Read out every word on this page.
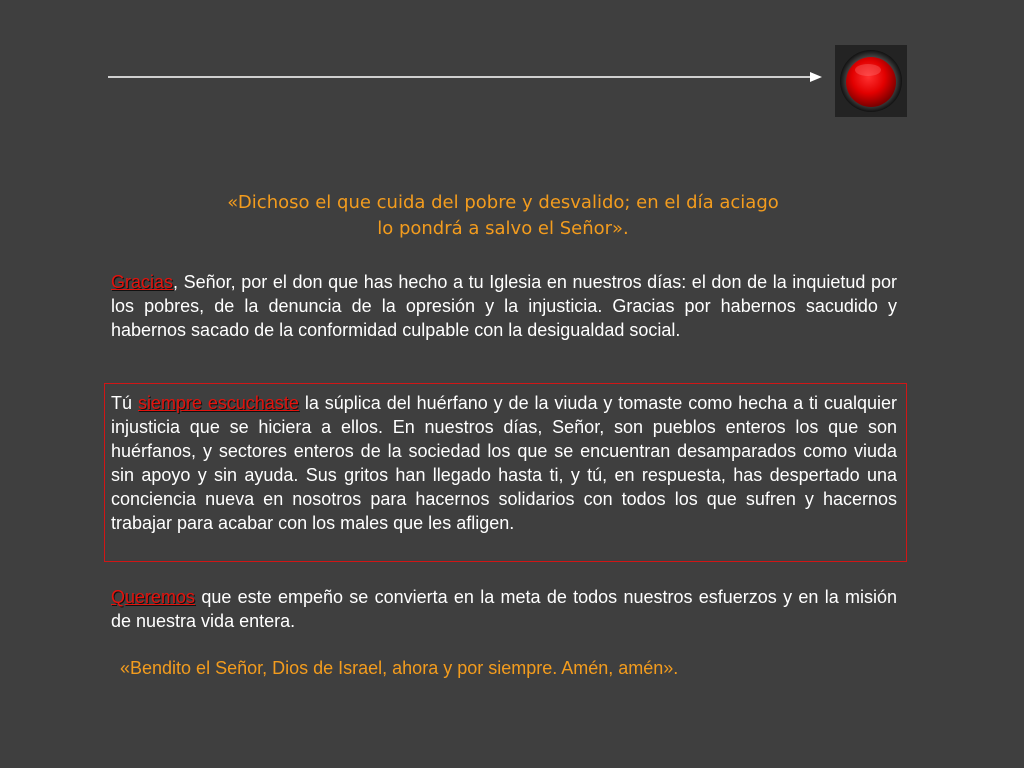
«Dichoso el que cuida del pobre y desvalido; en el día aciago
lo pondrá a salvo el Señor».
Gracias, Señor, por el don que has hecho a tu Iglesia en nuestros días: el don de la inquietud por los pobres, de la denuncia de la opresión y la injusticia. Gracias por habernos sacudido y habernos sacado de la conformidad culpable con la desigualdad social.
Tú siempre escuchaste la súplica del huérfano y de la viuda y tomaste como hecha a ti cualquier injusticia que se hiciera a ellos. En nuestros días, Señor, son pueblos enteros los que son huérfanos, y sectores enteros de la sociedad los que se encuentran desamparados como viuda sin apoyo y sin ayuda. Sus gritos han llegado hasta ti, y tú, en respuesta, has despertado una conciencia nueva en nosotros para hacernos solidarios con todos los que sufren y hacernos trabajar para acabar con los males que les afligen.
Queremos que este empeño se convierta en la meta de todos nuestros esfuerzos y en la misión de nuestra vida entera.
«Bendito el Señor, Dios de Israel, ahora y por siempre. Amén, amén».
